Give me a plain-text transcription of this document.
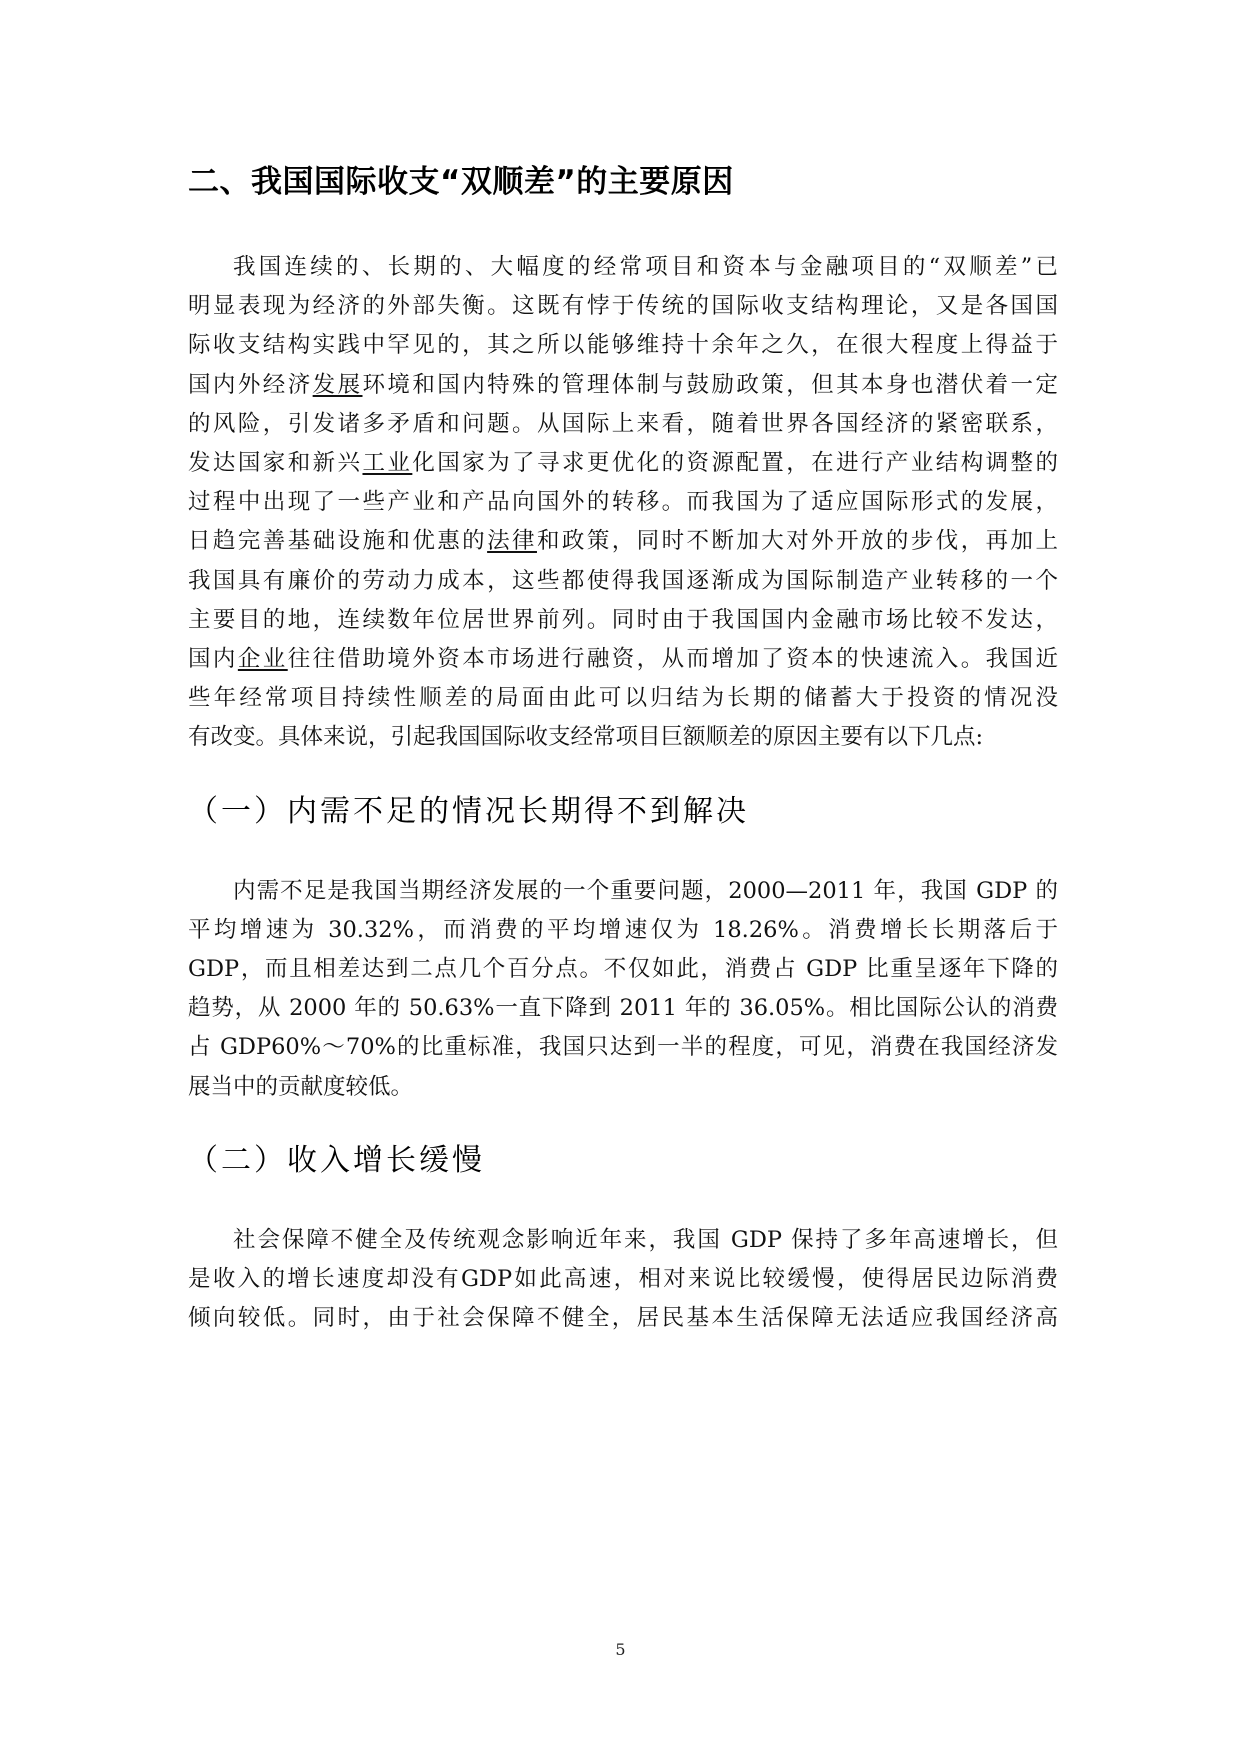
二、我国国际收支“双顺差”的主要原因
我国连续的、长期的、大幅度的经常项目和资本与金融项目的“双顺差”已
明显表现为经济的外部失衡。这既有悖于传统的国际收支结构理论，又是各国国
际收支结构实践中罕见的，其之所以能够维持十余年之久，在很大程度上得益于
国内外经济发展环境和国内特殊的管理体制与鼓励政策，但其本身也潜伏着一定
的风险，引发诸多矛盾和问题。从国际上来看，随着世界各国经济的紧密联系，
发达国家和新兴工业化国家为了寻求更优化的资源配置，在进行产业结构调整的
过程中出现了一些产业和产品向国外的转移。而我国为了适应国际形式的发展，
日趋完善基础设施和优惠的法律和政策，同时不断加大对外开放的步伐，再加上
我国具有廉价的劳动力成本，这些都使得我国逐渐成为国际制造产业转移的一个
主要目的地，连续数年位居世界前列。同时由于我国国内金融市场比较不发达，
国内企业往往借助境外资本市场进行融资，从而增加了资本的快速流入。我国近
些年经常项目持续性顺差的局面由此可以归结为长期的储蓄大于投资的情况没
有改变。具体来说，引起我国国际收支经常项目巨额顺差的原因主要有以下几点:
（一）内需不足的情况长期得不到解决
内需不足是我国当期经济发展的一个重要问题，2000—2011 年，我国 GDP 的
平均增速为 30.32%，而消费的平均增速仅为 18.26%。消费增长长期落后于
GDP，而且相差达到二点几个百分点。不仅如此，消费占 GDP 比重呈逐年下降的
趋势，从 2000 年的 50.63%一直下降到 2011 年的 36.05%。相比国际公认的消费
占 GDP60%～70%的比重标准，我国只达到一半的程度，可见，消费在我国经济发
展当中的贡献度较低。
（二）收入增长缓慢
社会保障不健全及传统观念影响近年来，我国 GDP 保持了多年高速增长，但
是收入的增长速度却没有GDP如此高速，相对来说比较缓慢，使得居民边际消费
倾向较低。同时，由于社会保障不健全，居民基本生活保障无法适应我国经济高
5
